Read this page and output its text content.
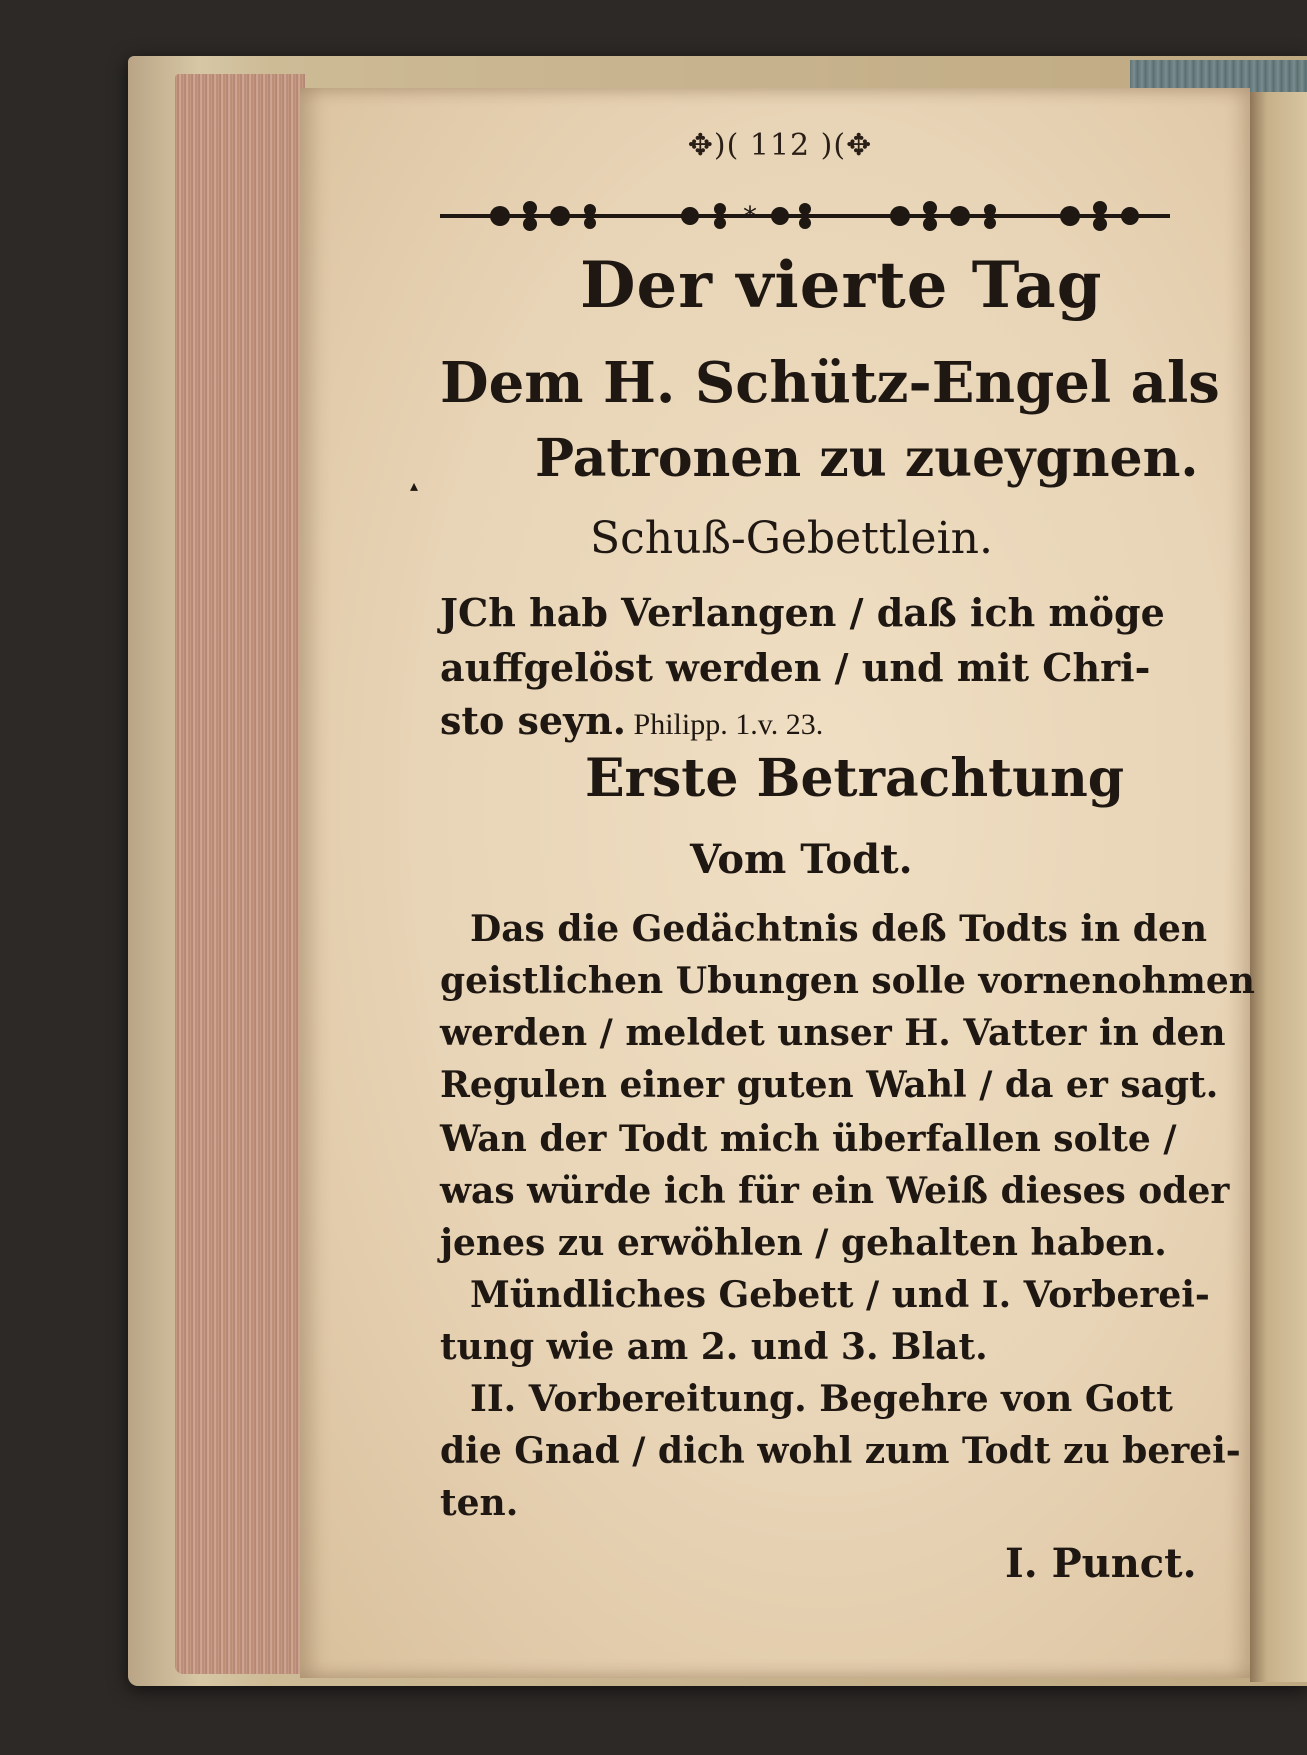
✥)( 112 )(✥
*
Der vierte Tag
Dem H. Schütz-Engel als
▴ Patronen zu zueygnen.
Schuß-Gebettlein.
JCh hab Verlangen / daß ich möge
auffgelöst werden / und mit Chri-
sto seyn. Philipp. 1.v. 23.
Erste Betrachtung
Vom Todt.
Das die Gedächtnis deß Todts in den
geistlichen Ubungen solle vornenohmen
werden / meldet unser H. Vatter in den
Regulen einer guten Wahl / da er sagt.
Wan der Todt mich überfallen solte /
was würde ich für ein Weiß dieses oder
jenes zu erwöhlen / gehalten haben.
Mündliches Gebett / und I. Vorberei-
tung wie am 2. und 3. Blat.
II. Vorbereitung. Begehre von Gott
die Gnad / dich wohl zum Todt zu berei-
ten.
I. Punct.
